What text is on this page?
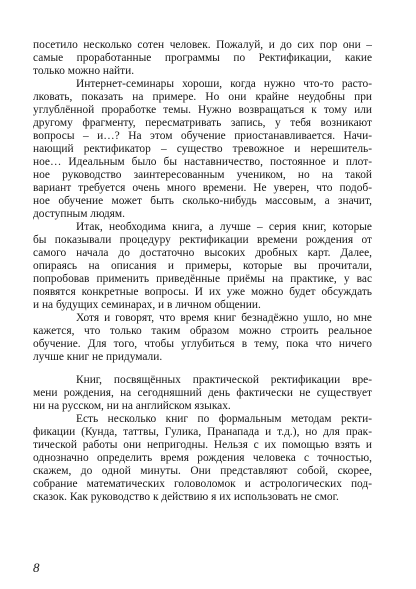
посетило несколько сотен человек. Пожалуй, и до сих пор они –

самые проработанные программы по Ректификации, какие

только можно найти.

Интернет-семинары хороши, когда нужно что-то расто-

лковать, показать на примере. Но они крайне неудобны при

углублённой проработке темы. Нужно возвращаться к тому или

другому фрагменту, пересматривать запись, у тебя возникают

вопросы – и…? На этом обучение приостанавливается. Начи-

нающий ректификатор – существо тревожное и нерешитель-

ное… Идеальным было бы наставничество, постоянное и плот-

ное руководство заинтересованным учеником, но на такой

вариант требуется очень много времени. Не уверен, что подоб-

ное обучение может быть сколько-нибудь массовым, а значит,

доступным людям.

Итак, необходима книга, а лучше – серия книг, которые

бы показывали процедуру ректификации времени рождения от

самого начала до достаточно высоких дробных карт. Далее,

опираясь на описания и примеры, которые вы прочитали,

попробовав применить приведённые приёмы на практике, у вас

появятся конкретные вопросы. И их уже можно будет обсуждать

и на будущих семинарах, и в личном общении.

Хотя и говорят, что время книг безнадёжно ушло, но мне

кажется, что только таким образом можно строить реальное

обучение. Для того, чтобы углубиться в тему, пока что ничего

лучше книг не придумали.

Книг, посвящённых практической ректификации вре-

мени рождения, на сегодняшний день фактически не существует

ни на русском, ни на английском языках.

Есть несколько книг по формальным методам ректи-

фикации (Кунда, таттвы, Гулика, Пранапада и т.д.), но для прак-

тической работы они непригодны. Нельзя с их помощью взять и

однозначно определить время рождения человека с точностью,

скажем, до одной минуты. Они представляют собой, скорее,

собрание математических головоломок и астрологических под-

сказок. Как руководство к действию я их использовать не смог.

8
